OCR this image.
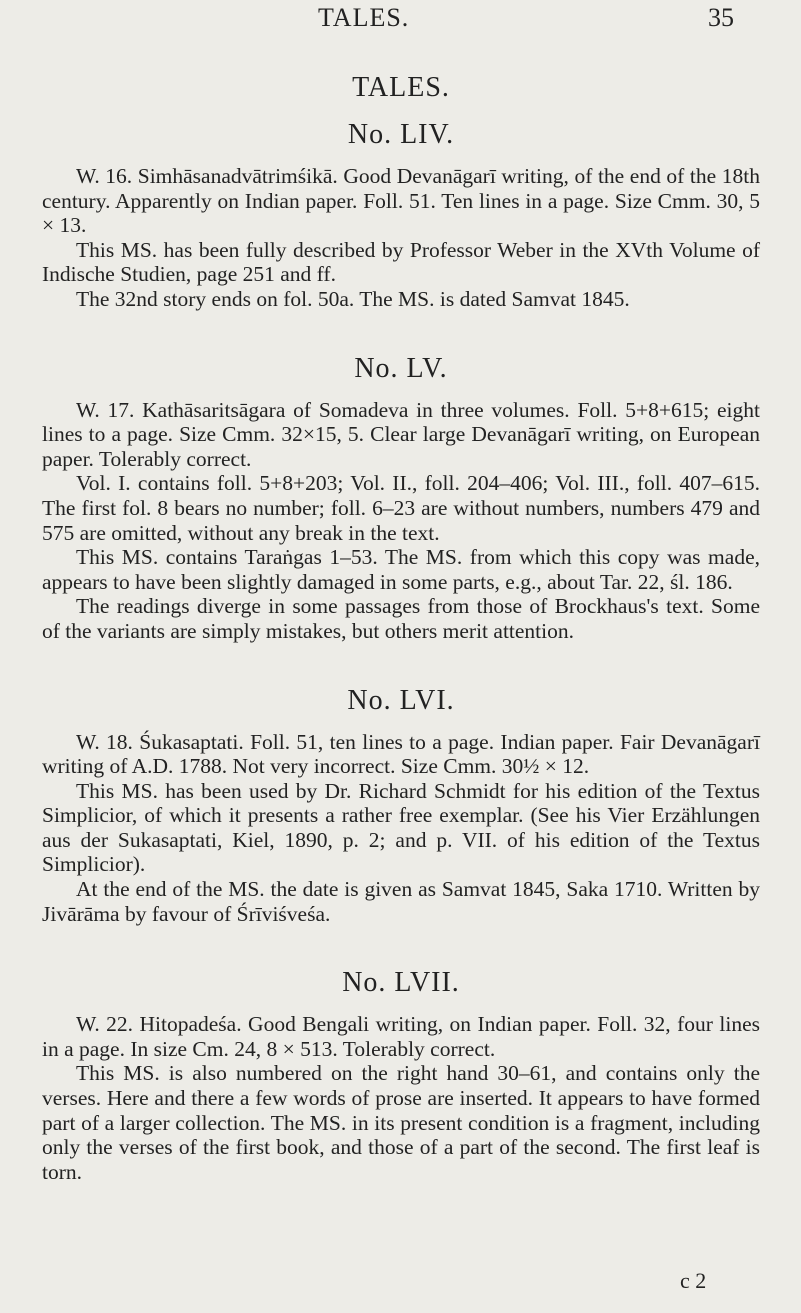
TALES.	35
TALES.
No. LIV.

W. 16. Simhāsanadvātrimśikā. Good Devanāgarī writing, of the end of the 18th century. Apparently on Indian paper. Foll. 51. Ten lines in a page. Size Cmm. 30, 5 × 13.

This MS. has been fully described by Professor Weber in the XVth Volume of Indische Studien, page 251 and ff.

The 32nd story ends on fol. 50a. The MS. is dated Samvat 1845.

No. LV.

W. 17. Kathāsaritsāgara of Somadeva in three volumes. Foll. 5+8+615; eight lines to a page. Size Cmm. 32×15, 5. Clear large Devanāgarī writing, on European paper. Tolerably correct.

Vol. I. contains foll. 5+8+203; Vol. II., foll. 204–406; Vol. III., foll. 407–615. The first fol. 8 bears no number; foll. 6–23 are without numbers, numbers 479 and 575 are omitted, without any break in the text.

This MS. contains Taraṅgas 1–53. The MS. from which this copy was made, appears to have been slightly damaged in some parts, e.g., about Tar. 22, śl. 186.

The readings diverge in some passages from those of Brockhaus's text. Some of the variants are simply mistakes, but others merit attention.

No. LVI.

W. 18. Śukasaptati. Foll. 51, ten lines to a page. Indian paper. Fair Devanāgarī writing of A.D. 1788. Not very incorrect. Size Cmm. 30½ × 12.

This MS. has been used by Dr. Richard Schmidt for his edition of the Textus Simplicior, of which it presents a rather free exemplar. (See his Vier Erzählungen aus der Sukasaptati, Kiel, 1890, p. 2; and p. VII. of his edition of the Textus Simplicior).

At the end of the MS. the date is given as Samvat 1845, Saka 1710. Written by Jivārāma by favour of Śrīviśveśa.

No. LVII.

W. 22. Hitopadeśa. Good Bengali writing, on Indian paper. Foll. 32, four lines in a page. In size Cm. 24, 8 × 513. Tolerably correct.

This MS. is also numbered on the right hand 30–61, and contains only the verses. Here and there a few words of prose are inserted. It appears to have formed part of a larger collection. The MS. in its present condition is a fragment, including only the verses of the first book, and those of a part of the second. The first leaf is torn.

c 2
